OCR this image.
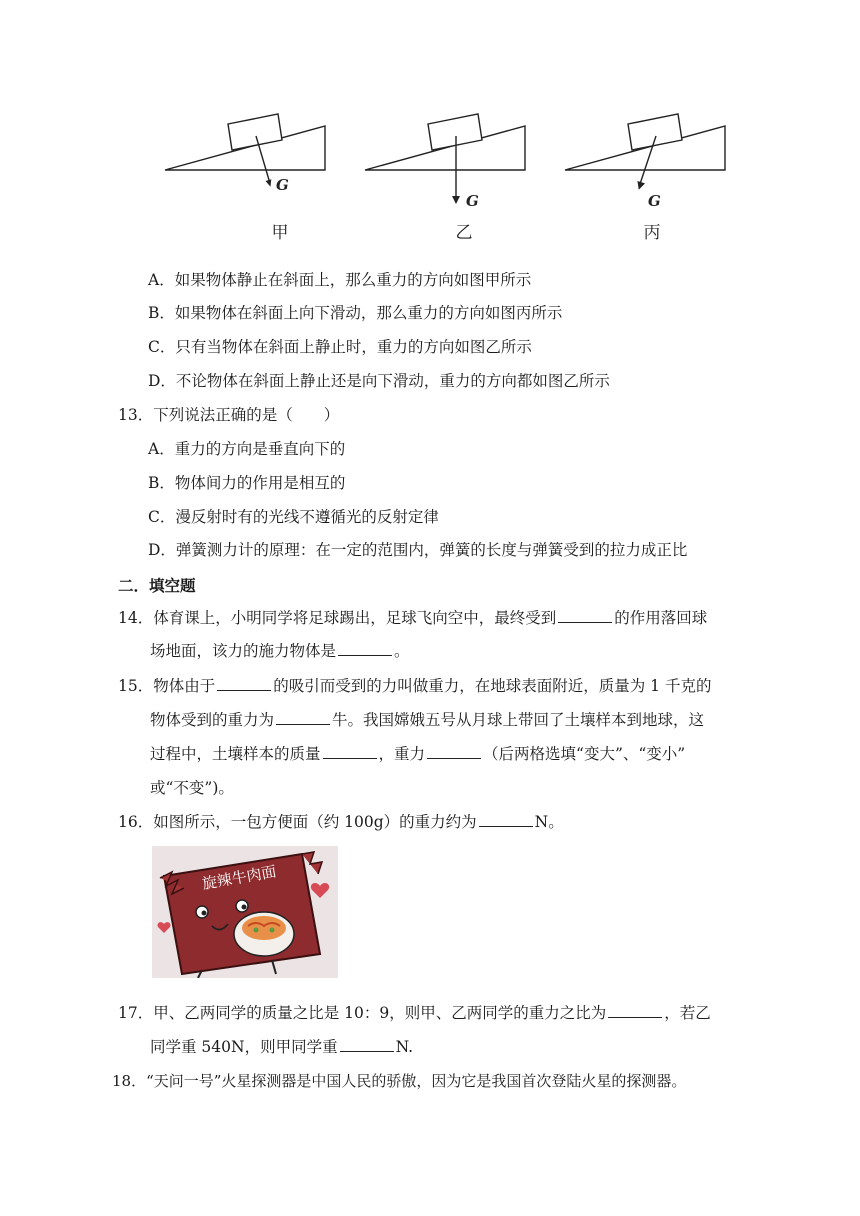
G
G	G
甲	乙	丙
A．如果物体静止在斜面上，那么重力的方向如图甲所示
B．如果物体在斜面上向下滑动，那么重力的方向如图丙所示
C．只有当物体在斜面上静止时，重力的方向如图乙所示
D．不论物体在斜面上静止还是向下滑动，重力的方向都如图乙所示
13．下列说法正确的是（　　）
A．重力的方向是垂直向下的
B．物体间力的作用是相互的
C．漫反射时有的光线不遵循光的反射定律
D．弹簧测力计的原理：在一定的范围内，弹簧的长度与弹簧受到的拉力成正比
二．填空题
14．体育课上，小明同学将足球踢出，足球飞向空中，最终受到	的作用落回球
场地面，该力的施力物体是	。
15．物体由于	的吸引而受到的力叫做重力，在地球表面附近，质量为 1 千克的
物体受到的重力为	牛。我国嫦娥五号从月球上带回了土壤样本到地球，这
过程中，土壤样本的质量	，重力	（后两格选填“变大”、“变小”
或“不变”)。
16．如图所示，一包方便面（约 100g）的重力约为	N。
旋辣牛肉面
17．甲、乙两同学的质量之比是 10：9，则甲、乙两同学的重力之比为	，若乙
同学重 540N，则甲同学重	N.
18．“天问一号”火星探测器是中国人民的骄傲，因为它是我国首次登陆火星的探测器。
